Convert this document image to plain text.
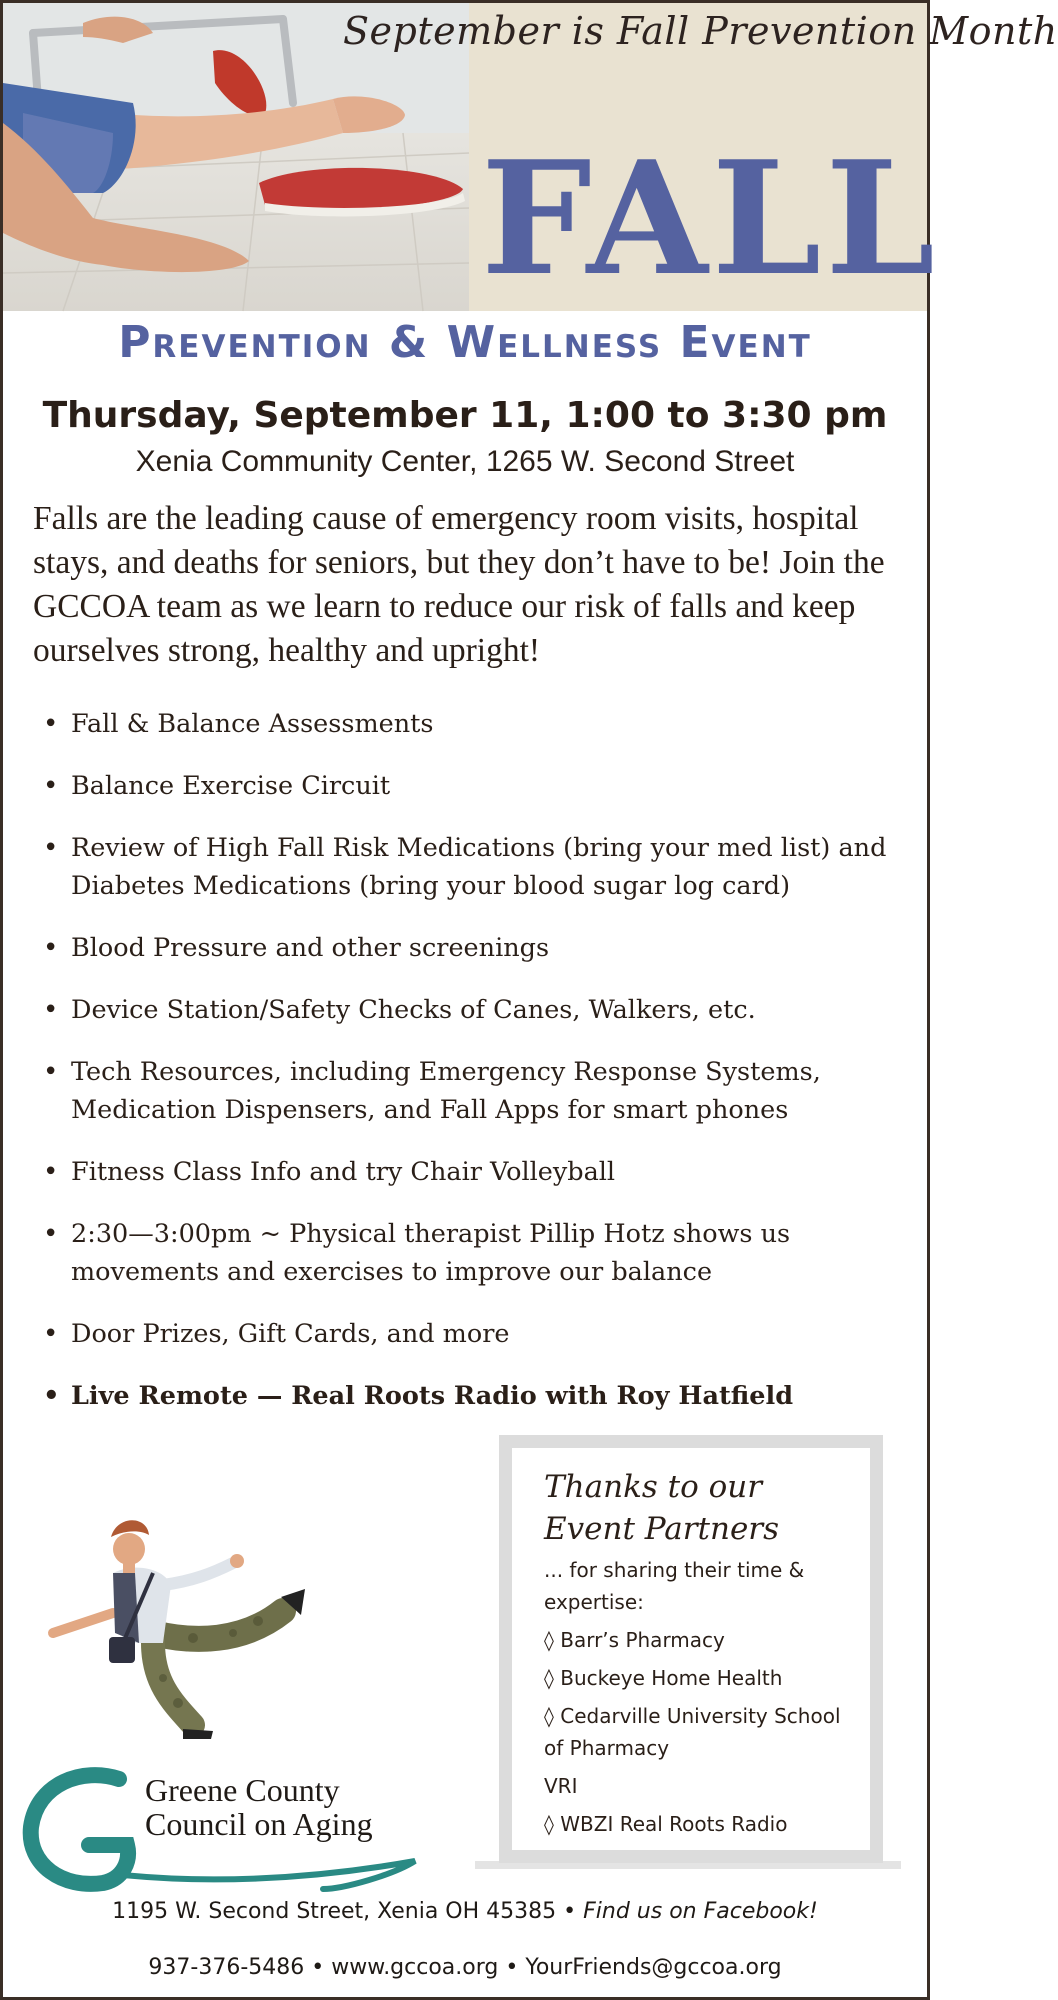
September is Fall Prevention Month
FALL
Prevention & Wellness Event
Thursday, September 11, 1:00 to 3:30 pm
Xenia Community Center, 1265 W. Second Street
Falls are the leading cause of emergency room visits, hospital stays, and deaths for seniors, but they don’t have to be! Join the GCCOA team as we learn to reduce our risk of falls and keep ourselves strong, healthy and upright!
• Fall & Balance Assessments
• Balance Exercise Circuit
• Review of High Fall Risk Medications (bring your med list) and Diabetes Medications (bring your blood sugar log card)
• Blood Pressure and other screenings
• Device Station/Safety Checks of Canes, Walkers, etc.
• Tech Resources, including Emergency Response Systems, Medication Dispensers, and Fall Apps for smart phones
• Fitness Class Info and try Chair Volleyball
• 2:30—3:00pm ~ Physical therapist Pillip Hotz shows us movements and exercises to improve our balance
• Door Prizes, Gift Cards, and more
• Live Remote — Real Roots Radio with Roy Hatfield
Thanks to our
Event Partners
... for sharing their time & expertise:
◊ Barr’s Pharmacy
◊ Buckeye Home Health
◊ Cedarville University School of Pharmacy
VRI
◊ WBZI Real Roots Radio
Greene County
Council on Aging
1195 W. Second Street, Xenia OH 45385 • Find us on Facebook!
937-376-5486 • www.gccoa.org • YourFriends@gccoa.org
